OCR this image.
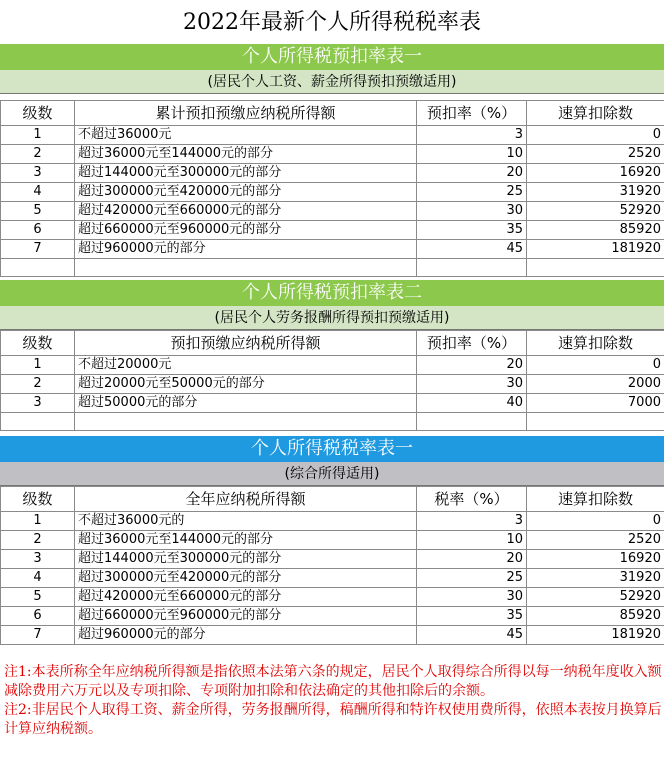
2022年最新个人所得税税率表
个人所得税预扣率表一
(居民个人工资、薪金所得预扣预缴适用)
级数	累计预扣预缴应纳税所得额	预扣率（%）	速算扣除数
1	不超过36000元	3	0
2	超过36000元至144000元的部分	10	2520
3	超过144000元至300000元的部分	20	16920
4	超过300000元至420000元的部分	25	31920
5	超过420000元至660000元的部分	30	52920
6	超过660000元至960000元的部分	35	85920
7	超过960000元的部分	45	181920

个人所得税预扣率表二
(居民个人劳务报酬所得预扣预缴适用)
级数	预扣预缴应纳税所得额	预扣率（%）	速算扣除数
1	不超过20000元	20	0
2	超过20000元至50000元的部分	30	2000
3	超过50000元的部分	40	7000

个人所得税税率表一
(综合所得适用)
级数	全年应纳税所得额	税率（%）	速算扣除数
1	不超过36000元的	3	0
2	超过36000元至144000元的部分	10	2520
3	超过144000元至300000元的部分	20	16920
4	超过300000元至420000元的部分	25	31920
5	超过420000元至660000元的部分	30	52920
6	超过660000元至960000元的部分	35	85920
7	超过960000元的部分	45	181920
注1:本表所称全年应纳税所得额是指依照本法第六条的规定，居民个人取得综合所得以每一纳税年度收入额减除费用六万元以及专项扣除、专项附加扣除和依法确定的其他扣除后的余额。
注2:非居民个人取得工资、薪金所得，劳务报酬所得，稿酬所得和特许权使用费所得，依照本表按月换算后计算应纳税额。
